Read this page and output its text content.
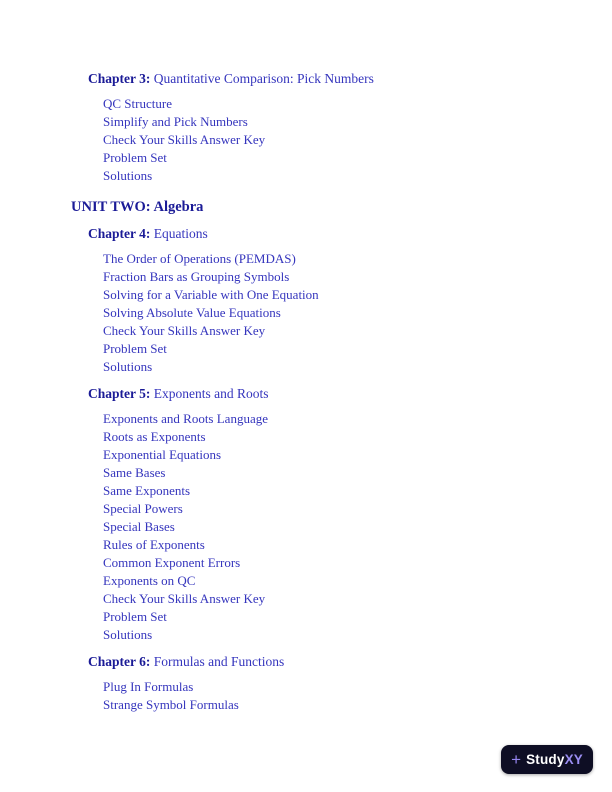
Chapter 3: Quantitative Comparison: Pick Numbers
QC Structure
Simplify and Pick Numbers
Check Your Skills Answer Key
Problem Set
Solutions
UNIT TWO: Algebra
Chapter 4: Equations
The Order of Operations (PEMDAS)
Fraction Bars as Grouping Symbols
Solving for a Variable with One Equation
Solving Absolute Value Equations
Check Your Skills Answer Key
Problem Set
Solutions
Chapter 5: Exponents and Roots
Exponents and Roots Language
Roots as Exponents
Exponential Equations
Same Bases
Same Exponents
Special Powers
Special Bases
Rules of Exponents
Common Exponent Errors
Exponents on QC
Check Your Skills Answer Key
Problem Set
Solutions
Chapter 6: Formulas and Functions
Plug In Formulas
Strange Symbol Formulas
+ StudyXY
